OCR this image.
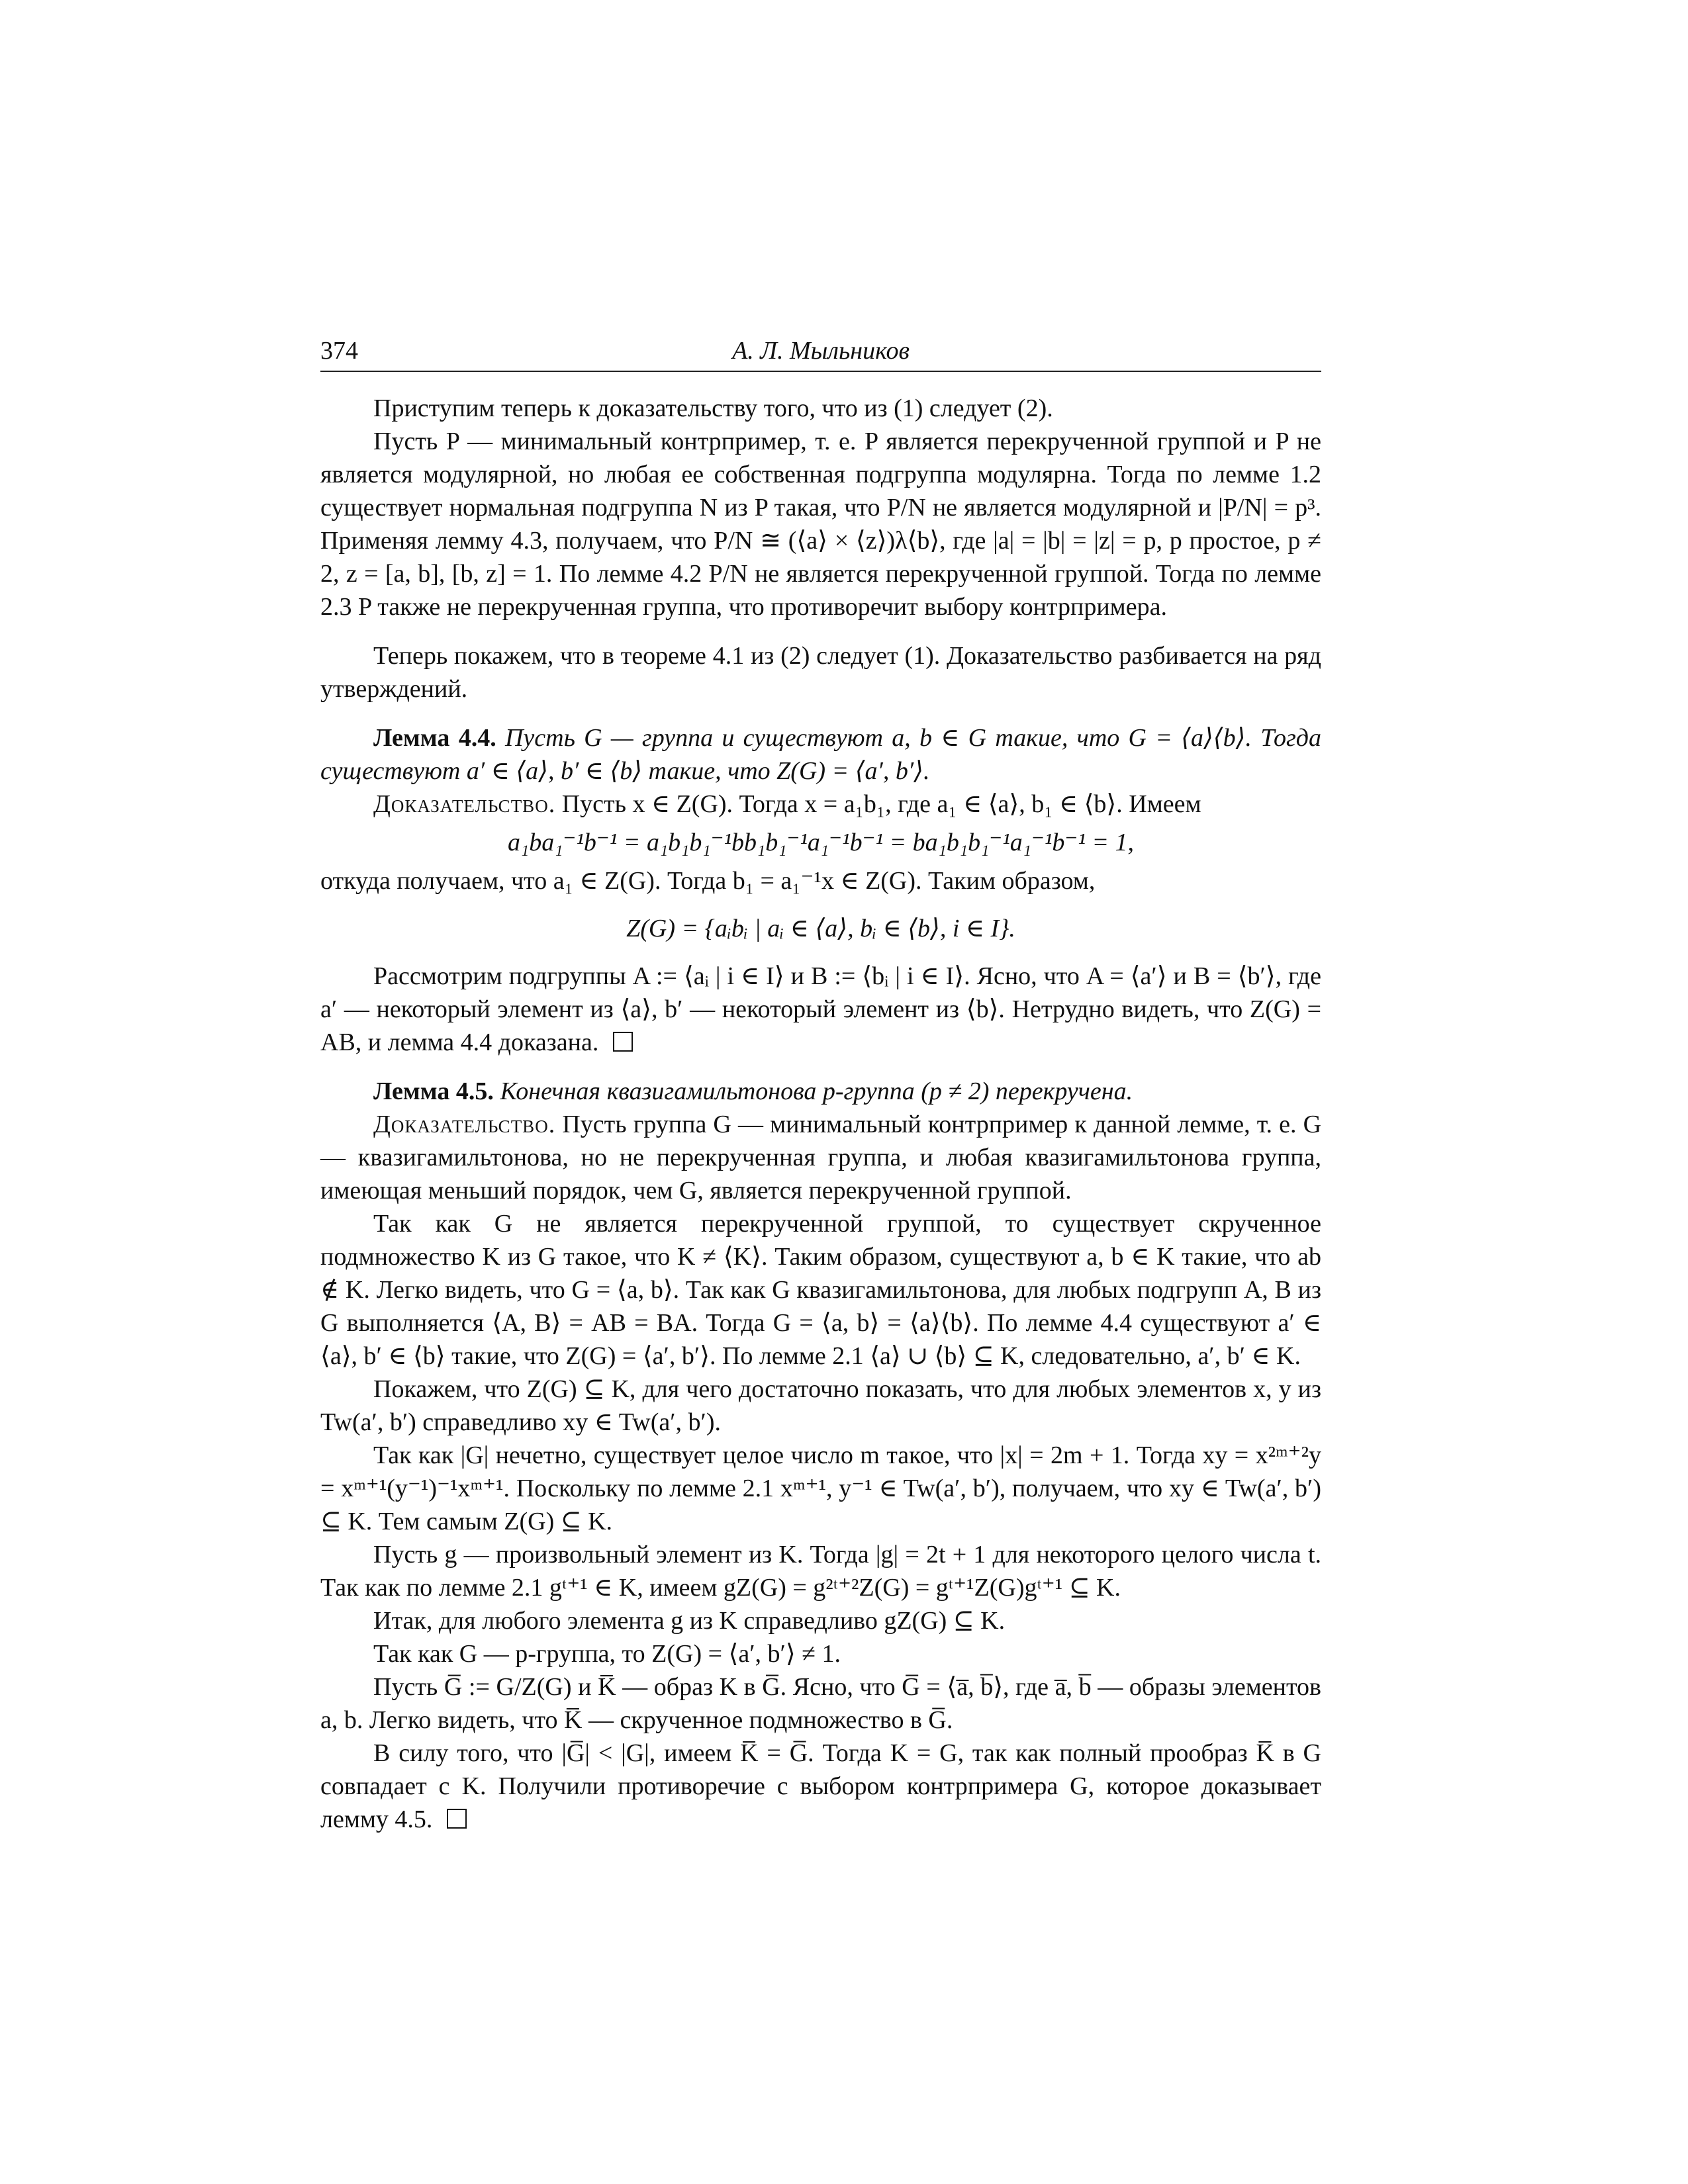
374	А. Л. Мыльников

Приступим теперь к доказательству того, что из (1) следует (2).

Пусть P — минимальный контрпример, т. е. P является перекрученной группой и P не является модулярной, но любая ее собственная подгруппа модулярна. Тогда по лемме 1.2 существует нормальная подгруппа N из P такая, что P/N не является модулярной и |P/N| = p³. Применяя лемму 4.3, получаем, что P/N ≅ (⟨a⟩ × ⟨z⟩)λ⟨b⟩, где |a| = |b| = |z| = p, p простое, p ≠ 2, z = [a, b], [b, z] = 1. По лемме 4.2 P/N не является перекрученной группой. Тогда по лемме 2.3 P также не перекрученная группа, что противоречит выбору контрпримера.

Теперь покажем, что в теореме 4.1 из (2) следует (1). Доказательство разбивается на ряд утверждений.

Лемма 4.4. Пусть G — группа и существуют a, b ∈ G такие, что G = ⟨a⟩⟨b⟩. Тогда существуют a′ ∈ ⟨a⟩, b′ ∈ ⟨b⟩ такие, что Z(G) = ⟨a′, b′⟩.

Доказательство. Пусть x ∈ Z(G). Тогда x = a₁b₁, где a₁ ∈ ⟨a⟩, b₁ ∈ ⟨b⟩. Имеем

a₁ba₁⁻¹b⁻¹ = a₁b₁b₁⁻¹bb₁b₁⁻¹a₁⁻¹b⁻¹ = ba₁b₁b₁⁻¹a₁⁻¹b⁻¹ = 1,

откуда получаем, что a₁ ∈ Z(G). Тогда b₁ = a₁⁻¹x ∈ Z(G). Таким образом,

Z(G) = {aᵢbᵢ | aᵢ ∈ ⟨a⟩, bᵢ ∈ ⟨b⟩, i ∈ I}.

Рассмотрим подгруппы A := ⟨aᵢ | i ∈ I⟩ и B := ⟨bᵢ | i ∈ I⟩. Ясно, что A = ⟨a′⟩ и B = ⟨b′⟩, где a′ — некоторый элемент из ⟨a⟩, b′ — некоторый элемент из ⟨b⟩. Нетрудно видеть, что Z(G) = AB, и лемма 4.4 доказана.

Лемма 4.5. Конечная квазигамильтонова p-группа (p ≠ 2) перекручена.

Доказательство. Пусть группа G — минимальный контрпример к данной лемме, т. е. G — квазигамильтонова, но не перекрученная группа, и любая квазигамильтонова группа, имеющая меньший порядок, чем G, является перекрученной группой.

Так как G не является перекрученной группой, то существует скрученное подмножество K из G такое, что K ≠ ⟨K⟩. Таким образом, существуют a, b ∈ K такие, что ab ∉ K. Легко видеть, что G = ⟨a, b⟩. Так как G квазигамильтонова, для любых подгрупп A, B из G выполняется ⟨A, B⟩ = AB = BA. Тогда G = ⟨a, b⟩ = ⟨a⟩⟨b⟩. По лемме 4.4 существуют a′ ∈ ⟨a⟩, b′ ∈ ⟨b⟩ такие, что Z(G) = ⟨a′, b′⟩. По лемме 2.1 ⟨a⟩ ∪ ⟨b⟩ ⊆ K, следовательно, a′, b′ ∈ K.

Покажем, что Z(G) ⊆ K, для чего достаточно показать, что для любых элементов x, y из Tw(a′, b′) справедливо xy ∈ Tw(a′, b′).

Так как |G| нечетно, существует целое число m такое, что |x| = 2m + 1. Тогда xy = x²ᵐ⁺²y = xᵐ⁺¹(y⁻¹)⁻¹xᵐ⁺¹. Поскольку по лемме 2.1 xᵐ⁺¹, y⁻¹ ∈ Tw(a′, b′), получаем, что xy ∈ Tw(a′, b′) ⊆ K. Тем самым Z(G) ⊆ K.

Пусть g — произвольный элемент из K. Тогда |g| = 2t + 1 для некоторого целого числа t. Так как по лемме 2.1 gᵗ⁺¹ ∈ K, имеем gZ(G) = g²ᵗ⁺²Z(G) = gᵗ⁺¹Z(G)gᵗ⁺¹ ⊆ K.

Итак, для любого элемента g из K справедливо gZ(G) ⊆ K.

Так как G — p-группа, то Z(G) = ⟨a′, b′⟩ ≠ 1.

Пусть G̅ := G/Z(G) и K̅ — образ K в G̅. Ясно, что G̅ = ⟨a̅, b̅⟩, где a̅, b̅ — образы элементов a, b. Легко видеть, что K̅ — скрученное подмножество в G̅.

В силу того, что |G̅| < |G|, имеем K̅ = G̅. Тогда K = G, так как полный прообраз K̅ в G совпадает с K. Получили противоречие с выбором контрпримера G, которое доказывает лемму 4.5.
